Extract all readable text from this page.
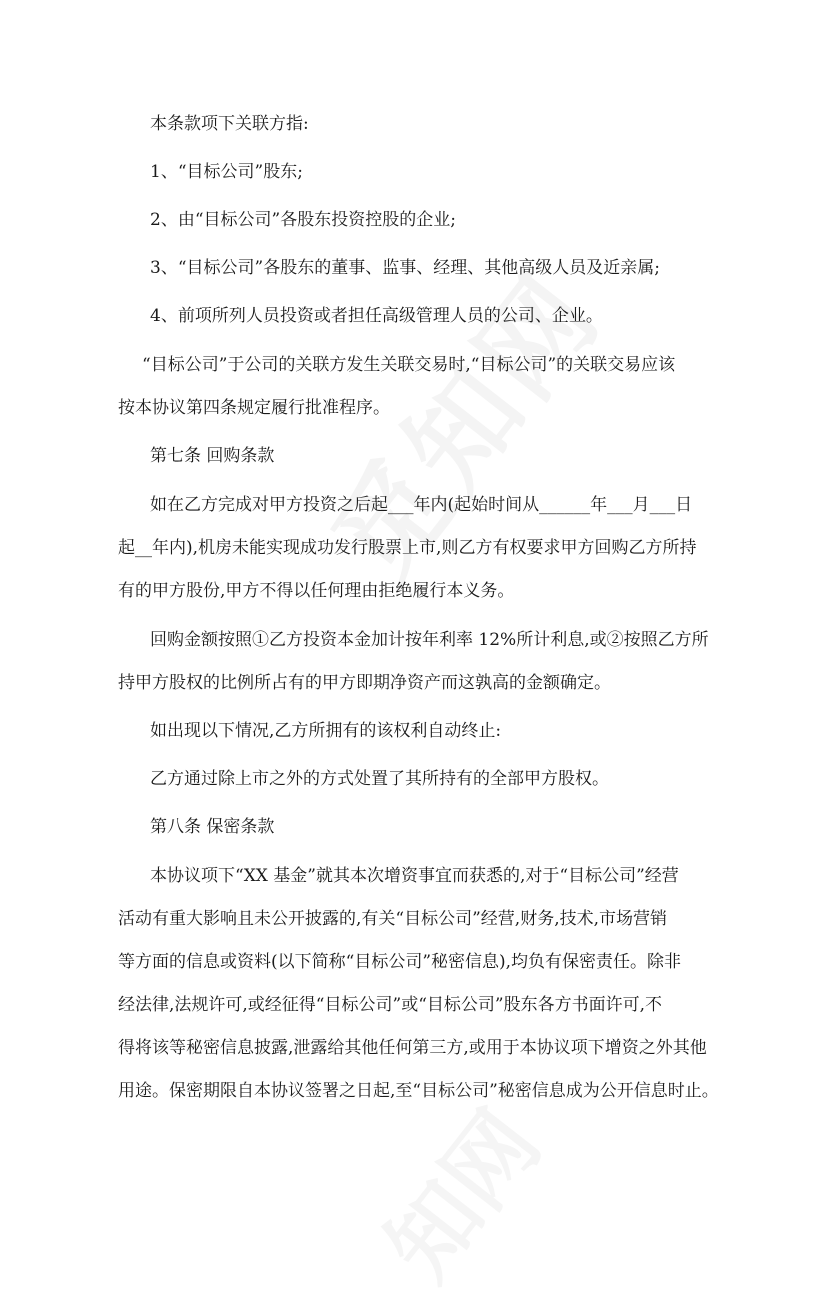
本条款项下关联方指:
1、“目标公司”股东;
2、由“目标公司”各股东投资控股的企业;
3、“目标公司”各股东的董事、监事、经理、其他高级人员及近亲属;
4、前项所列人员投资或者担任高级管理人员的公司、企业。
“目标公司”于公司的关联方发生关联交易时,“目标公司”的关联交易应该
按本协议第四条规定履行批准程序。
第七条 回购条款
如在乙方完成对甲方投资之后起___年内(起始时间从______年___月___日
起__年内),机房未能实现成功发行股票上市,则乙方有权要求甲方回购乙方所持
有的甲方股份,甲方不得以任何理由拒绝履行本义务。
回购金额按照①乙方投资本金加计按年利率 12%所计利息,或②按照乙方所
持甲方股权的比例所占有的甲方即期净资产而这孰高的金额确定。
如出现以下情况,乙方所拥有的该权利自动终止:
乙方通过除上市之外的方式处置了其所持有的全部甲方股权。
第八条 保密条款
本协议项下“XX 基金”就其本次增资事宜而获悉的,对于“目标公司”经营
活动有重大影响且未公开披露的,有关“目标公司”经营,财务,技术,市场营销
等方面的信息或资料(以下简称“目标公司”秘密信息),均负有保密责任。除非
经法律,法规许可,或经征得“目标公司”或“目标公司”股东各方书面许可,不
得将该等秘密信息披露,泄露给其他任何第三方,或用于本协议项下增资之外其他
用途。保密期限自本协议签署之日起,至“目标公司”秘密信息成为公开信息时止。
